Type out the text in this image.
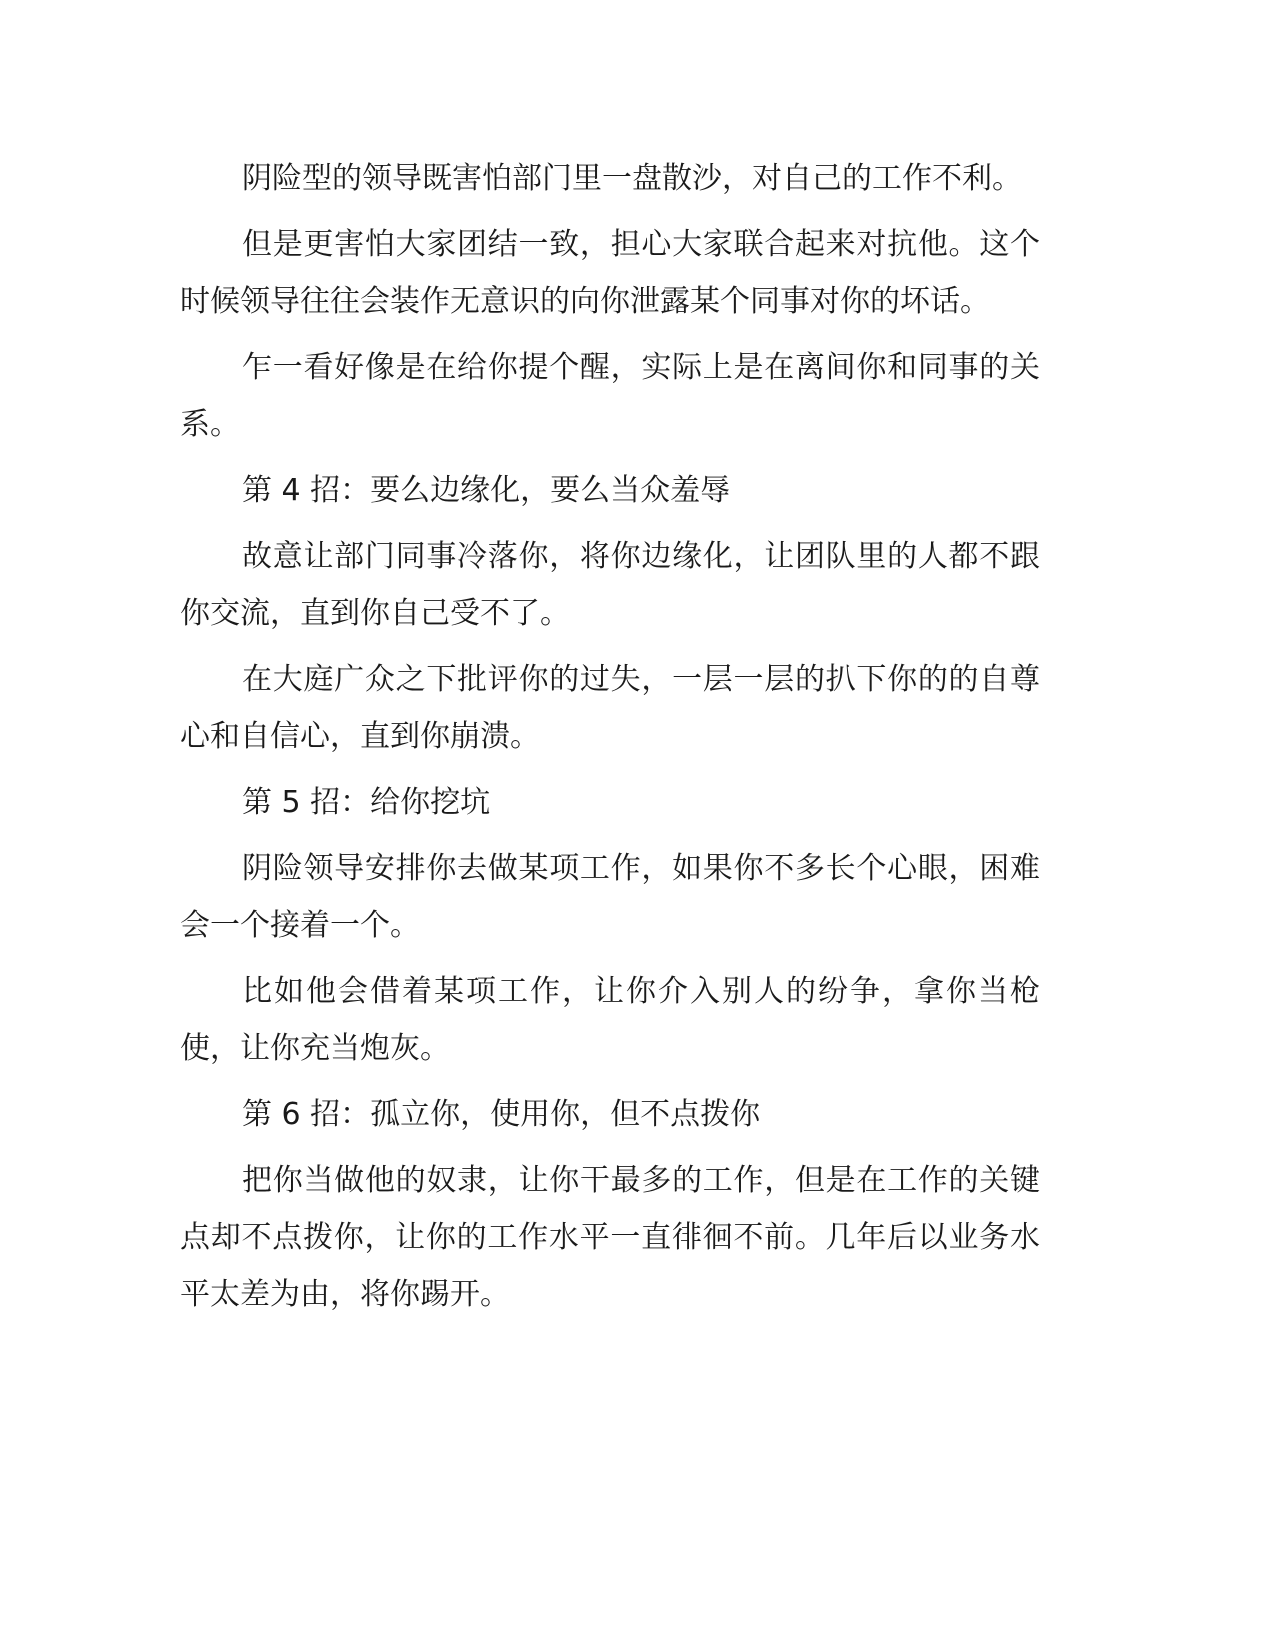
阴险型的领导既害怕部门里一盘散沙，对自己的工作不利。

但是更害怕大家团结一致，担心大家联合起来对抗他。这个时候领导往往会装作无意识的向你泄露某个同事对你的坏话。

乍一看好像是在给你提个醒，实际上是在离间你和同事的关系。

第 4 招：要么边缘化，要么当众羞辱

故意让部门同事冷落你，将你边缘化，让团队里的人都不跟你交流，直到你自己受不了。

在大庭广众之下批评你的过失，一层一层的扒下你的的自尊心和自信心，直到你崩溃。

第 5 招：给你挖坑

阴险领导安排你去做某项工作，如果你不多长个心眼，困难会一个接着一个。

比如他会借着某项工作，让你介入别人的纷争，拿你当枪使，让你充当炮灰。

第 6 招：孤立你，使用你，但不点拨你

把你当做他的奴隶，让你干最多的工作，但是在工作的关键点却不点拨你，让你的工作水平一直徘徊不前。几年后以业务水平太差为由，将你踢开。
